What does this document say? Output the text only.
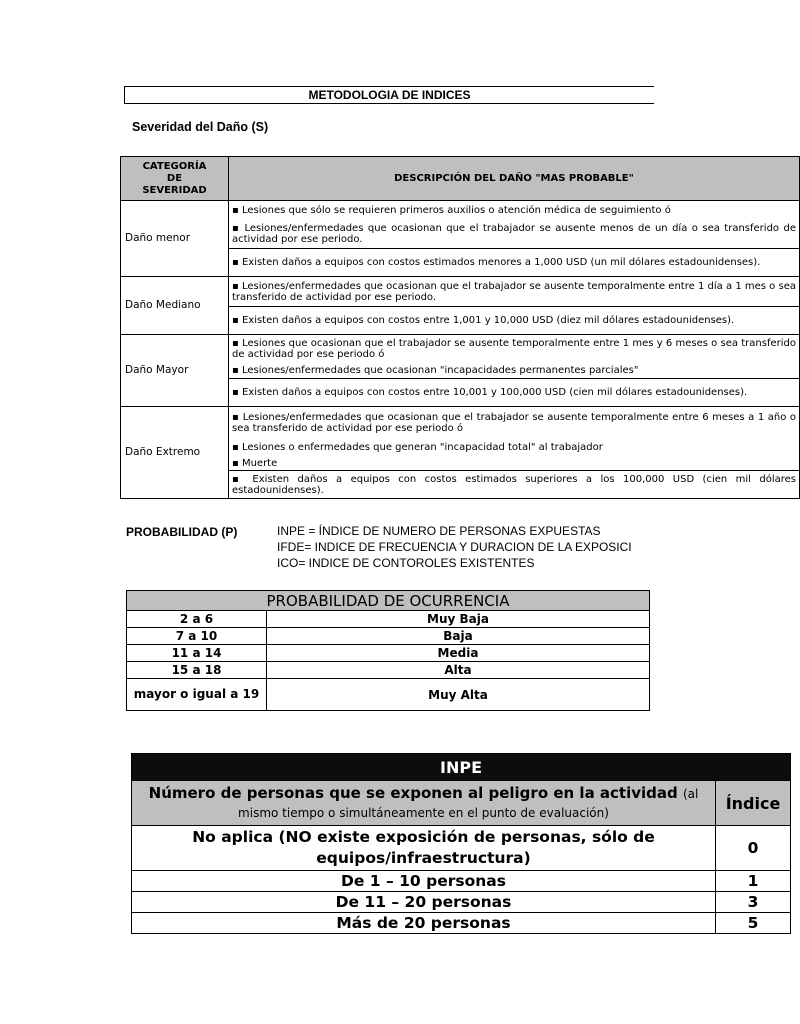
METODOLOGIA DE INDICES
Severidad del Daño (S)
CATEGORÍA
DE
SEVERIDAD	DESCRIPCIÓN DEL DAÑO "MAS PROBABLE"
Daño menor	▪ Lesiones que sólo se requieren primeros auxilios o atención médica de seguimiento ó
	▪ Lesiones/enfermedades que ocasionan que el trabajador se ausente menos de un día o sea transferido de actividad por ese periodo.
	▪ Existen daños a equipos con costos estimados menores a 1,000 USD (un mil dólares estadounidenses).
Daño Mediano	▪ Lesiones/enfermedades que ocasionan que el trabajador se ausente temporalmente entre 1 día a 1 mes o sea transferido de actividad por ese periodo.
	▪ Existen daños a equipos con costos entre 1,001 y 10,000 USD (diez mil dólares estadounidenses).
Daño Mayor	▪ Lesiones que ocasionan que el trabajador se ausente temporalmente entre 1 mes y 6 meses o sea transferido de actividad por ese periodo ó
	▪ Lesiones/enfermedades que ocasionan "incapacidades permanentes parciales"
	▪ Existen daños a equipos con costos entre 10,001 y 100,000 USD (cien mil dólares estadounidenses).
Daño Extremo	▪ Lesiones/enfermedades que ocasionan que el trabajador se ausente temporalmente entre 6 meses a 1 año o sea transferido de actividad por ese periodo ó
	▪ Lesiones o enfermedades que generan "incapacidad total" al trabajador
	▪ Muerte
	▪ Existen daños a equipos con costos estimados superiores a los 100,000 USD (cien mil dólares estadounidenses).
PROBABILIDAD (P)	INPE = ÍNDICE DE NUMERO DE PERSONAS EXPUESTAS
IFDE= INDICE DE FRECUENCIA Y DURACION DE LA EXPOSICI
ICO= INDICE DE CONTOROLES EXISTENTES
PROBABILIDAD DE OCURRENCIA	
2 a 6	Muy Baja
7 a 10	Baja
11 a 14	Media
15 a 18	Alta
mayor o igual a 19	Muy Alta
INPE	
Número de personas que se exponen al peligro en la actividad (al
mismo tiempo o simultáneamente en el punto de evaluación)	Índice
No aplica (NO existe exposición de personas, sólo de equipos/infraestructura)	0
De 1 – 10 personas	1
De 11 – 20 personas	3
Más de 20 personas	5
